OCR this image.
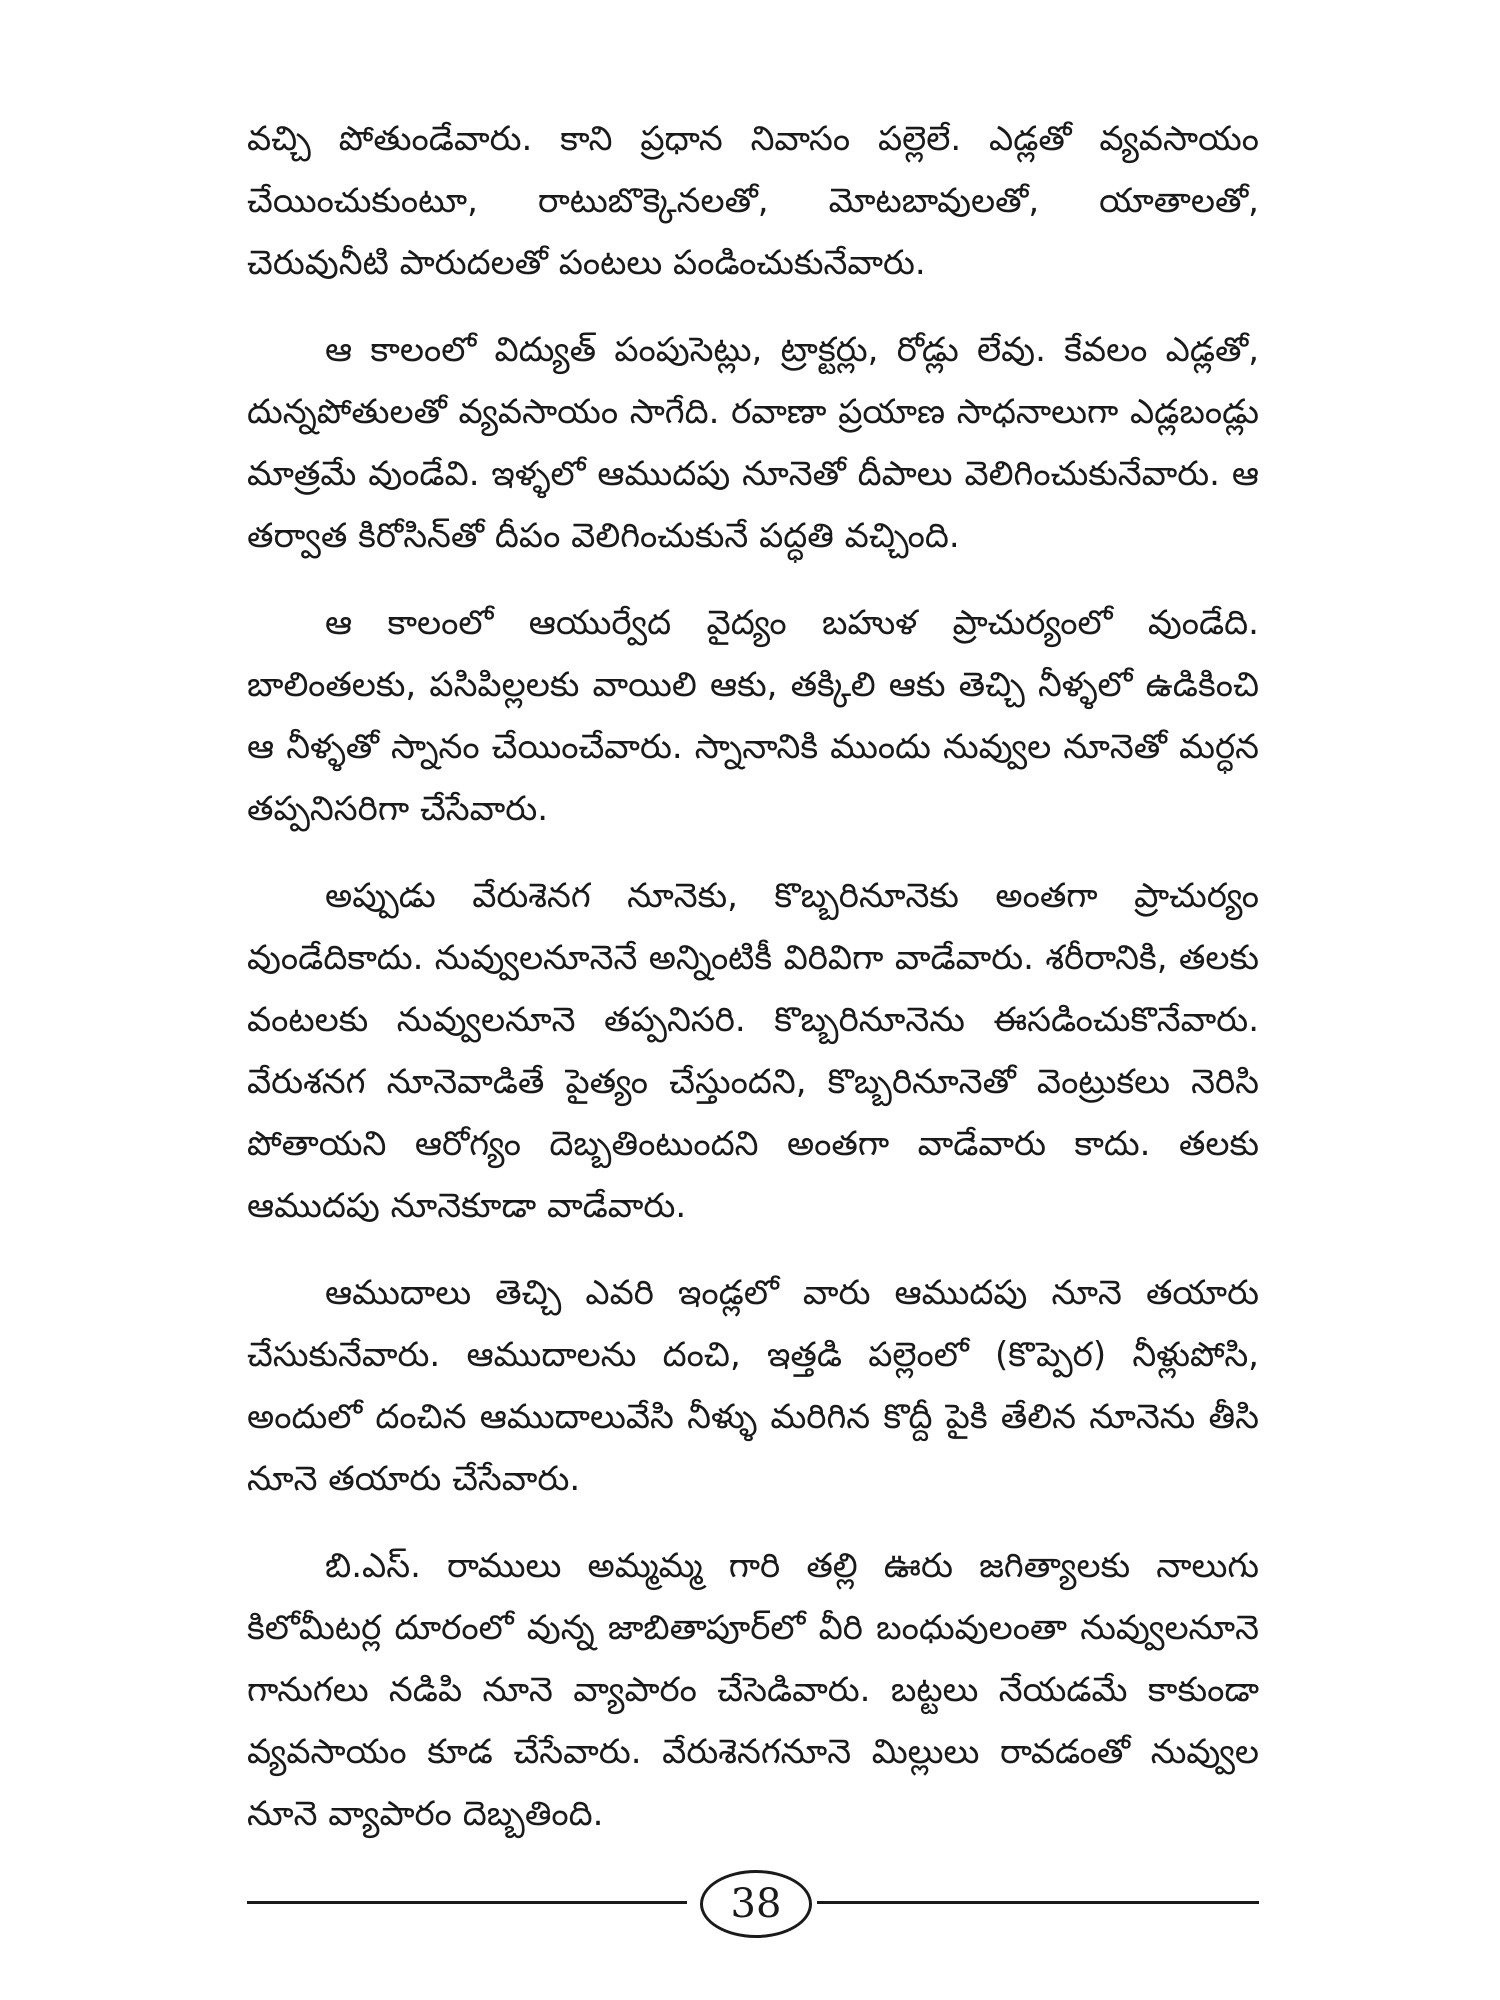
వచ్చి పోతుండేవారు. కాని ప్రధాన నివాసం పల్లెలే. ఎడ్లతో వ్యవసాయం చేయించుకుంటూ, రాటుబొక్కెనలతో, మోటబావులతో, యాతాలతో, చెరువునీటి పారుదలతో పంటలు పండించుకునేవారు.

ఆ కాలంలో విద్యుత్ పంపుసెట్లు, ట్రాక్టర్లు, రోడ్లు లేవు. కేవలం ఎడ్లతో, దున్నపోతులతో వ్యవసాయం సాగేది. రవాణా ప్రయాణ సాధనాలుగా ఎడ్లబండ్లు మాత్రమే వుండేవి. ఇళ్ళలో ఆముదపు నూనెతో దీపాలు వెలిగించుకునేవారు. ఆ తర్వాత కిరోసిన్‌తో దీపం వెలిగించుకునే పద్ధతి వచ్చింది.

ఆ కాలంలో ఆయుర్వేద వైద్యం బహుళ ప్రాచుర్యంలో వుండేది. బాలింతలకు, పసిపిల్లలకు వాయిలి ఆకు, తక్కిలి ఆకు తెచ్చి నీళ్ళలో ఉడికించి ఆ నీళ్ళతో స్నానం చేయించేవారు. స్నానానికి ముందు నువ్వుల నూనెతో మర్ధన తప్పనిసరిగా చేసేవారు.

అప్పుడు వేరుశెనగ నూనెకు, కొబ్బరినూనెకు అంతగా ప్రాచుర్యం వుండేదికాదు. నువ్వులనూనెనే అన్నింటికీ విరివిగా వాడేవారు. శరీరానికి, తలకు వంటలకు నువ్వులనూనె తప్పనిసరి. కొబ్బరినూనెను ఈసడించుకొనేవారు. వేరుశనగ నూనెవాడితే పైత్యం చేస్తుందని, కొబ్బరినూనెతో వెంట్రుకలు నెరిసి పోతాయని ఆరోగ్యం దెబ్బతింటుందని అంతగా వాడేవారు కాదు. తలకు ఆముదపు నూనెకూడా వాడేవారు.

ఆముదాలు తెచ్చి ఎవరి ఇండ్లలో వారు ఆముదపు నూనె తయారు చేసుకునేవారు. ఆముదాలను దంచి, ఇత్తడి పల్లెంలో (కొప్పెర) నీళ్లుపోసి, అందులో దంచిన ఆముదాలువేసి నీళ్ళు మరిగిన కొద్దీ పైకి తేలిన నూనెను తీసి నూనె తయారు చేసేవారు.

బి.ఎస్. రాములు అమ్మమ్మ గారి తల్లి ఊరు జగిత్యాలకు నాలుగు కిలోమీటర్ల దూరంలో వున్న జాబితాపూర్‌లో వీరి బంధువులంతా నువ్వులనూనె గానుగలు నడిపి నూనె వ్యాపారం చేసెడివారు. బట్టలు నేయడమే కాకుండా వ్యవసాయం కూడ చేసేవారు. వేరుశెనగనూనె మిల్లులు రావడంతో నువ్వుల నూనె వ్యాపారం దెబ్బతింది.

38
